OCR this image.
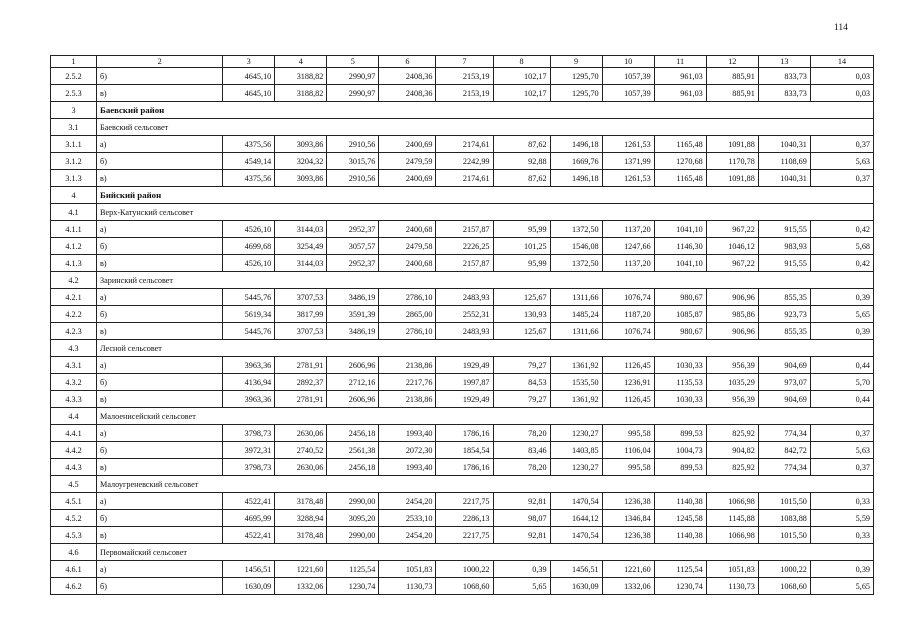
114
1	2	3	4	5	6	7	8	9	10	11	12	13	14
2.5.2	б)	4645,10	3188,82	2990,97	2408,36	2153,19	102,17	1295,70	1057,39	961,03	885,91	833,73	0,03
2.5.3	в)	4645,10	3188,82	2990,97	2408,36	2153,19	102,17	1295,70	1057,39	961,03	885,91	833,73	0,03
3	Баевский район												
3.1	Баевский сельсовет												
3.1.1	а)	4375,56	3093,86	2910,56	2400,69	2174,61	87,62	1496,18	1261,53	1165,48	1091,88	1040,31	0,37
3.1.2	б)	4549,14	3204,32	3015,76	2479,59	2242,99	92,88	1669,76	1371,99	1270,68	1170,78	1108,69	5,63
3.1.3	в)	4375,56	3093,86	2910,56	2400,69	2174,61	87,62	1496,18	1261,53	1165,48	1091,88	1040,31	0,37
4	Бийский район												
4.1	Верх-Катунский сельсовет												
4.1.1	а)	4526,10	3144,03	2952,37	2400,68	2157,87	95,99	1372,50	1137,20	1041,10	967,22	915,55	0,42
4.1.2	б)	4699,68	3254,49	3057,57	2479,58	2226,25	101,25	1546,08	1247,66	1146,30	1046,12	983,93	5,68
4.1.3	в)	4526,10	3144,03	2952,37	2400,68	2157,87	95,99	1372,50	1137,20	1041,10	967,22	915,55	0,42
4.2	Заринский сельсовет												
4.2.1	а)	5445,76	3707,53	3486,19	2786,10	2483,93	125,67	1311,66	1076,74	980,67	906,96	855,35	0,39
4.2.2	б)	5619,34	3817,99	3591,39	2865,00	2552,31	130,93	1485,24	1187,20	1085,87	985,86	923,73	5,65
4.2.3	в)	5445,76	3707,53	3486,19	2786,10	2483,93	125,67	1311,66	1076,74	980,67	906,96	855,35	0,39
4.3	Лесной сельсовет												
4.3.1	а)	3963,36	2781,91	2606,96	2138,86	1929,49	79,27	1361,92	1126,45	1030,33	956,39	904,69	0,44
4.3.2	б)	4136,94	2892,37	2712,16	2217,76	1997,87	84,53	1535,50	1236,91	1135,53	1035,29	973,07	5,70
4.3.3	в)	3963,36	2781,91	2606,96	2138,86	1929,49	79,27	1361,92	1126,45	1030,33	956,39	904,69	0,44
4.4	Малоенисейский сельсовет												
4.4.1	а)	3798,73	2630,06	2456,18	1993,40	1786,16	78,20	1230,27	995,58	899,53	825,92	774,34	0,37
4.4.2	б)	3972,31	2740,52	2561,38	2072,30	1854,54	83,46	1403,85	1106,04	1004,73	904,82	842,72	5,63
4.4.3	в)	3798,73	2630,06	2456,18	1993,40	1786,16	78,20	1230,27	995,58	899,53	825,92	774,34	0,37
4.5	Малоугреневский сельсовет												
4.5.1	а)	4522,41	3178,48	2990,00	2454,20	2217,75	92,81	1470,54	1236,38	1140,38	1066,98	1015,50	0,33
4.5.2	б)	4695,99	3288,94	3095,20	2533,10	2286,13	98,07	1644,12	1346,84	1245,58	1145,88	1083,88	5,59
4.5.3	в)	4522,41	3178,48	2990,00	2454,20	2217,75	92,81	1470,54	1236,38	1140,38	1066,98	1015,50	0,33
4.6	Первомайский сельсовет												
4.6.1	а)	1456,51	1221,60	1125,54	1051,83	1000,22	0,39	1456,51	1221,60	1125,54	1051,83	1000,22	0,39
4.6.2	б)	1630,09	1332,06	1230,74	1130,73	1068,60	5,65	1630,09	1332,06	1230,74	1130,73	1068,60	5,65
